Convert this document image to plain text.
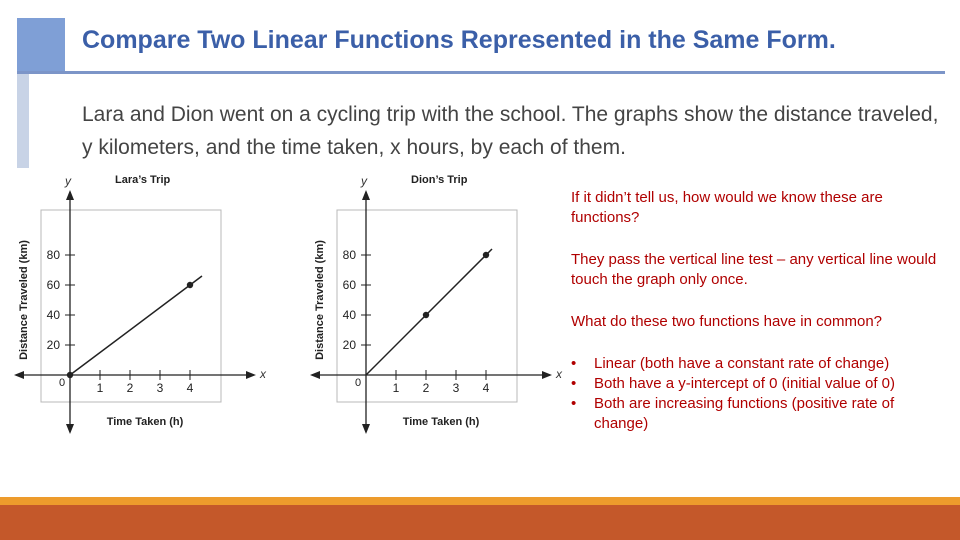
Compare Two Linear Functions Represented in the Same Form.
Lara and Dion went on a cycling trip with the school. The graphs show the distance traveled, y kilometers, and the time taken, x hours, by each of them.
y
x
Lara’s Trip
Time Taken (h)
Distance Traveled (km)
0	1 2 3 4
20
40
60
80
y
x
Dion’s Trip
Time Taken (h)
Distance Traveled (km)
0	1 2 3 4
20
40
60
80

If it didn’t tell us, how would we know these are functions?

They pass the vertical line test – any vertical line would touch the graph only once.

What do these two functions have in common?

• Linear (both have a constant rate of change)
• Both have a y-intercept of 0 (initial value of 0)
• Both are increasing functions (positive rate of change)
